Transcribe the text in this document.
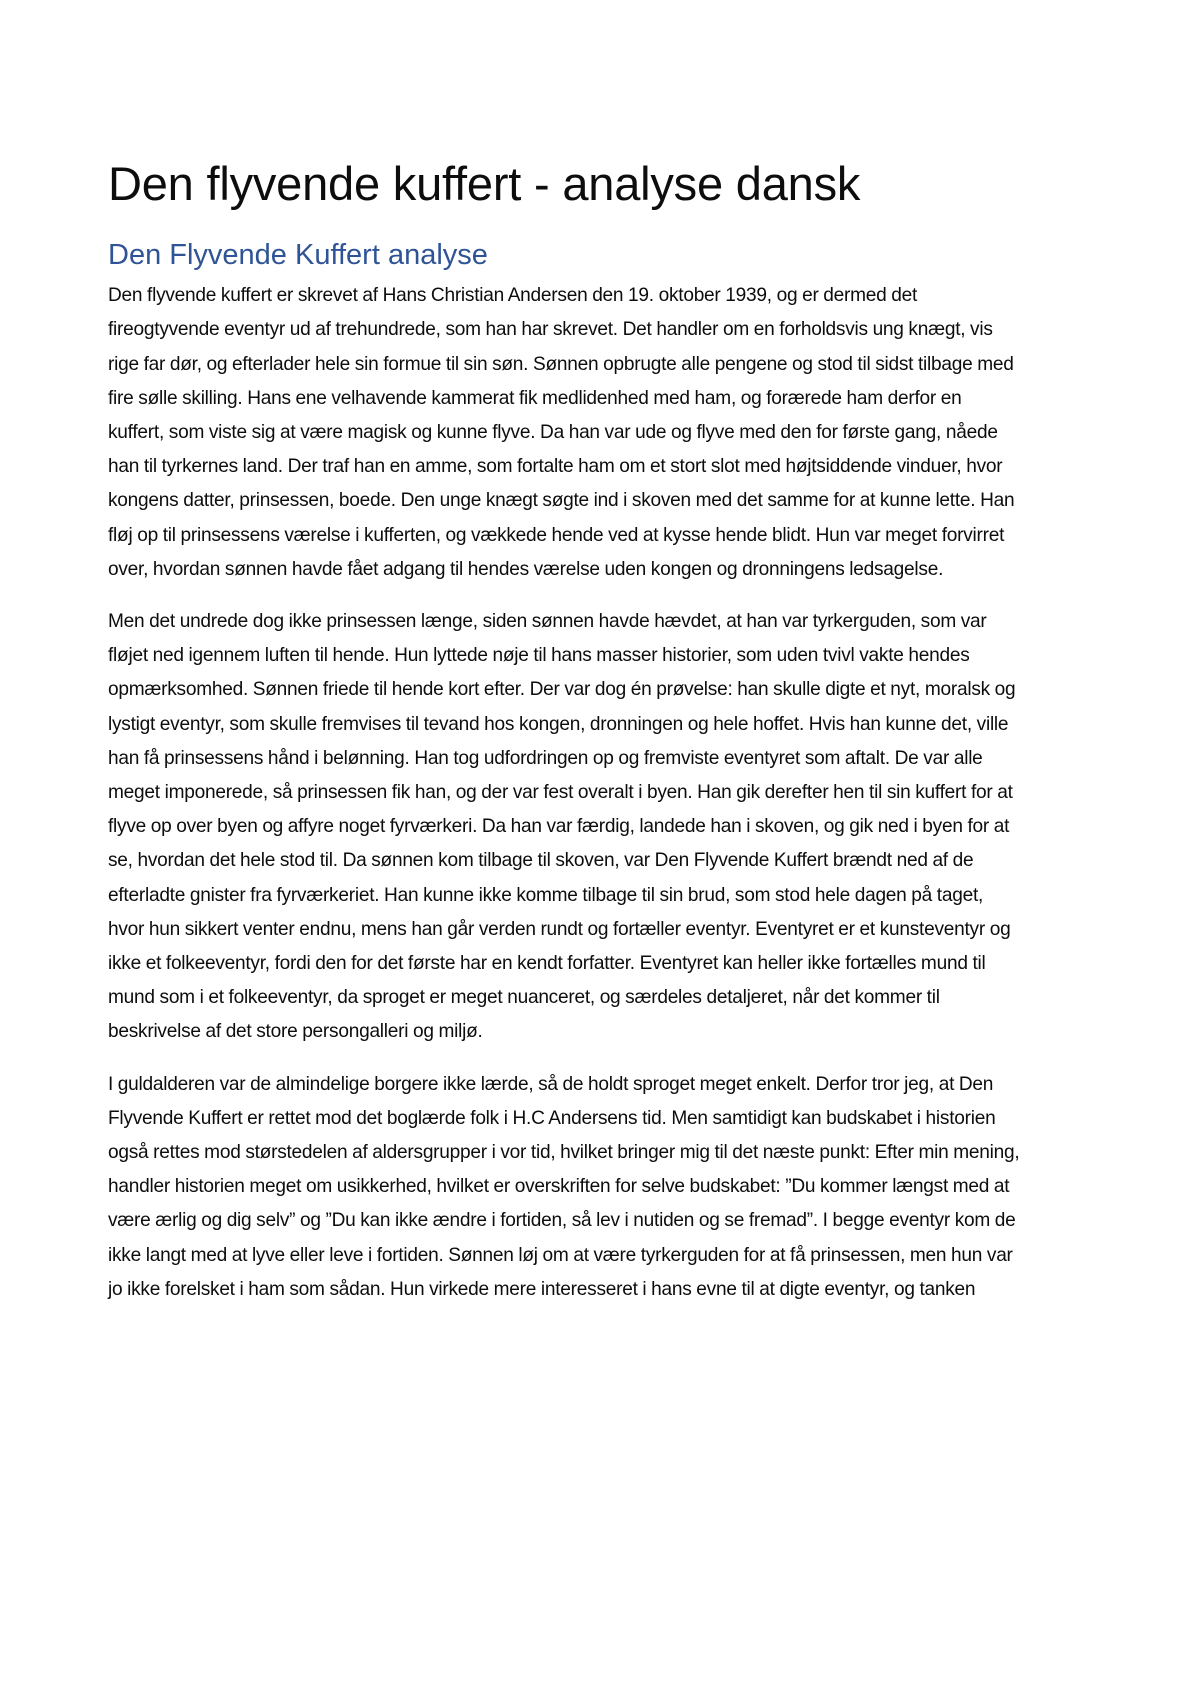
Den flyvende kuffert - analyse dansk
Den Flyvende Kuffert analyse

Den flyvende kuffert er skrevet af Hans Christian Andersen den 19. oktober 1939, og er dermed det fireogtyvende eventyr ud af trehundrede, som han har skrevet. Det handler om en forholdsvis ung knægt, vis rige far dør, og efterlader hele sin formue til sin søn. Sønnen opbrugte alle pengene og stod til sidst tilbage med fire sølle skilling. Hans ene velhavende kammerat fik medlidenhed med ham, og forærede ham derfor en kuffert, som viste sig at være magisk og kunne flyve. Da han var ude og flyve med den for første gang, nåede han til tyrkernes land. Der traf han en amme, som fortalte ham om et stort slot med højtsiddende vinduer, hvor kongens datter, prinsessen, boede. Den unge knægt søgte ind i skoven med det samme for at kunne lette. Han fløj op til prinsessens værelse i kufferten, og vækkede hende ved at kysse hende blidt. Hun var meget forvirret over, hvordan sønnen havde fået adgang til hendes værelse uden kongen og dronningens ledsagelse.

Men det undrede dog ikke prinsessen længe, siden sønnen havde hævdet, at han var tyrkerguden, som var fløjet ned igennem luften til hende. Hun lyttede nøje til hans masser historier, som uden tvivl vakte hendes opmærksomhed. Sønnen friede til hende kort efter. Der var dog én prøvelse: han skulle digte et nyt, moralsk og lystigt eventyr, som skulle fremvises til tevand hos kongen, dronningen og hele hoffet. Hvis han kunne det, ville han få prinsessens hånd i belønning. Han tog udfordringen op og fremviste eventyret som aftalt. De var alle meget imponerede, så prinsessen fik han, og der var fest overalt i byen. Han gik derefter hen til sin kuffert for at flyve op over byen og affyre noget fyrværkeri. Da han var færdig, landede han i skoven, og gik ned i byen for at se, hvordan det hele stod til. Da sønnen kom tilbage til skoven, var Den Flyvende Kuffert brændt ned af de efterladte gnister fra fyrværkeriet. Han kunne ikke komme tilbage til sin brud, som stod hele dagen på taget, hvor hun sikkert venter endnu, mens han går verden rundt og fortæller eventyr. Eventyret er et kunsteventyr og ikke et folkeeventyr, fordi den for det første har en kendt forfatter. Eventyret kan heller ikke fortælles mund til mund som i et folkeeventyr, da sproget er meget nuanceret, og særdeles detaljeret, når det kommer til beskrivelse af det store persongalleri og miljø.

I guldalderen var de almindelige borgere ikke lærde, så de holdt sproget meget enkelt. Derfor tror jeg, at Den Flyvende Kuffert er rettet mod det boglærde folk i H.C Andersens tid. Men samtidigt kan budskabet i historien også rettes mod størstedelen af aldersgrupper i vor tid, hvilket bringer mig til det næste punkt: Efter min mening, handler historien meget om usikkerhed, hvilket er overskriften for selve budskabet: ”Du kommer længst med at være ærlig og dig selv” og ”Du kan ikke ændre i fortiden, så lev i nutiden og se fremad”. I begge eventyr kom de ikke langt med at lyve eller leve i fortiden. Sønnen løj om at være tyrkerguden for at få prinsessen, men hun var jo ikke forelsket i ham som sådan. Hun virkede mere interesseret i hans evne til at digte eventyr, og tanken
